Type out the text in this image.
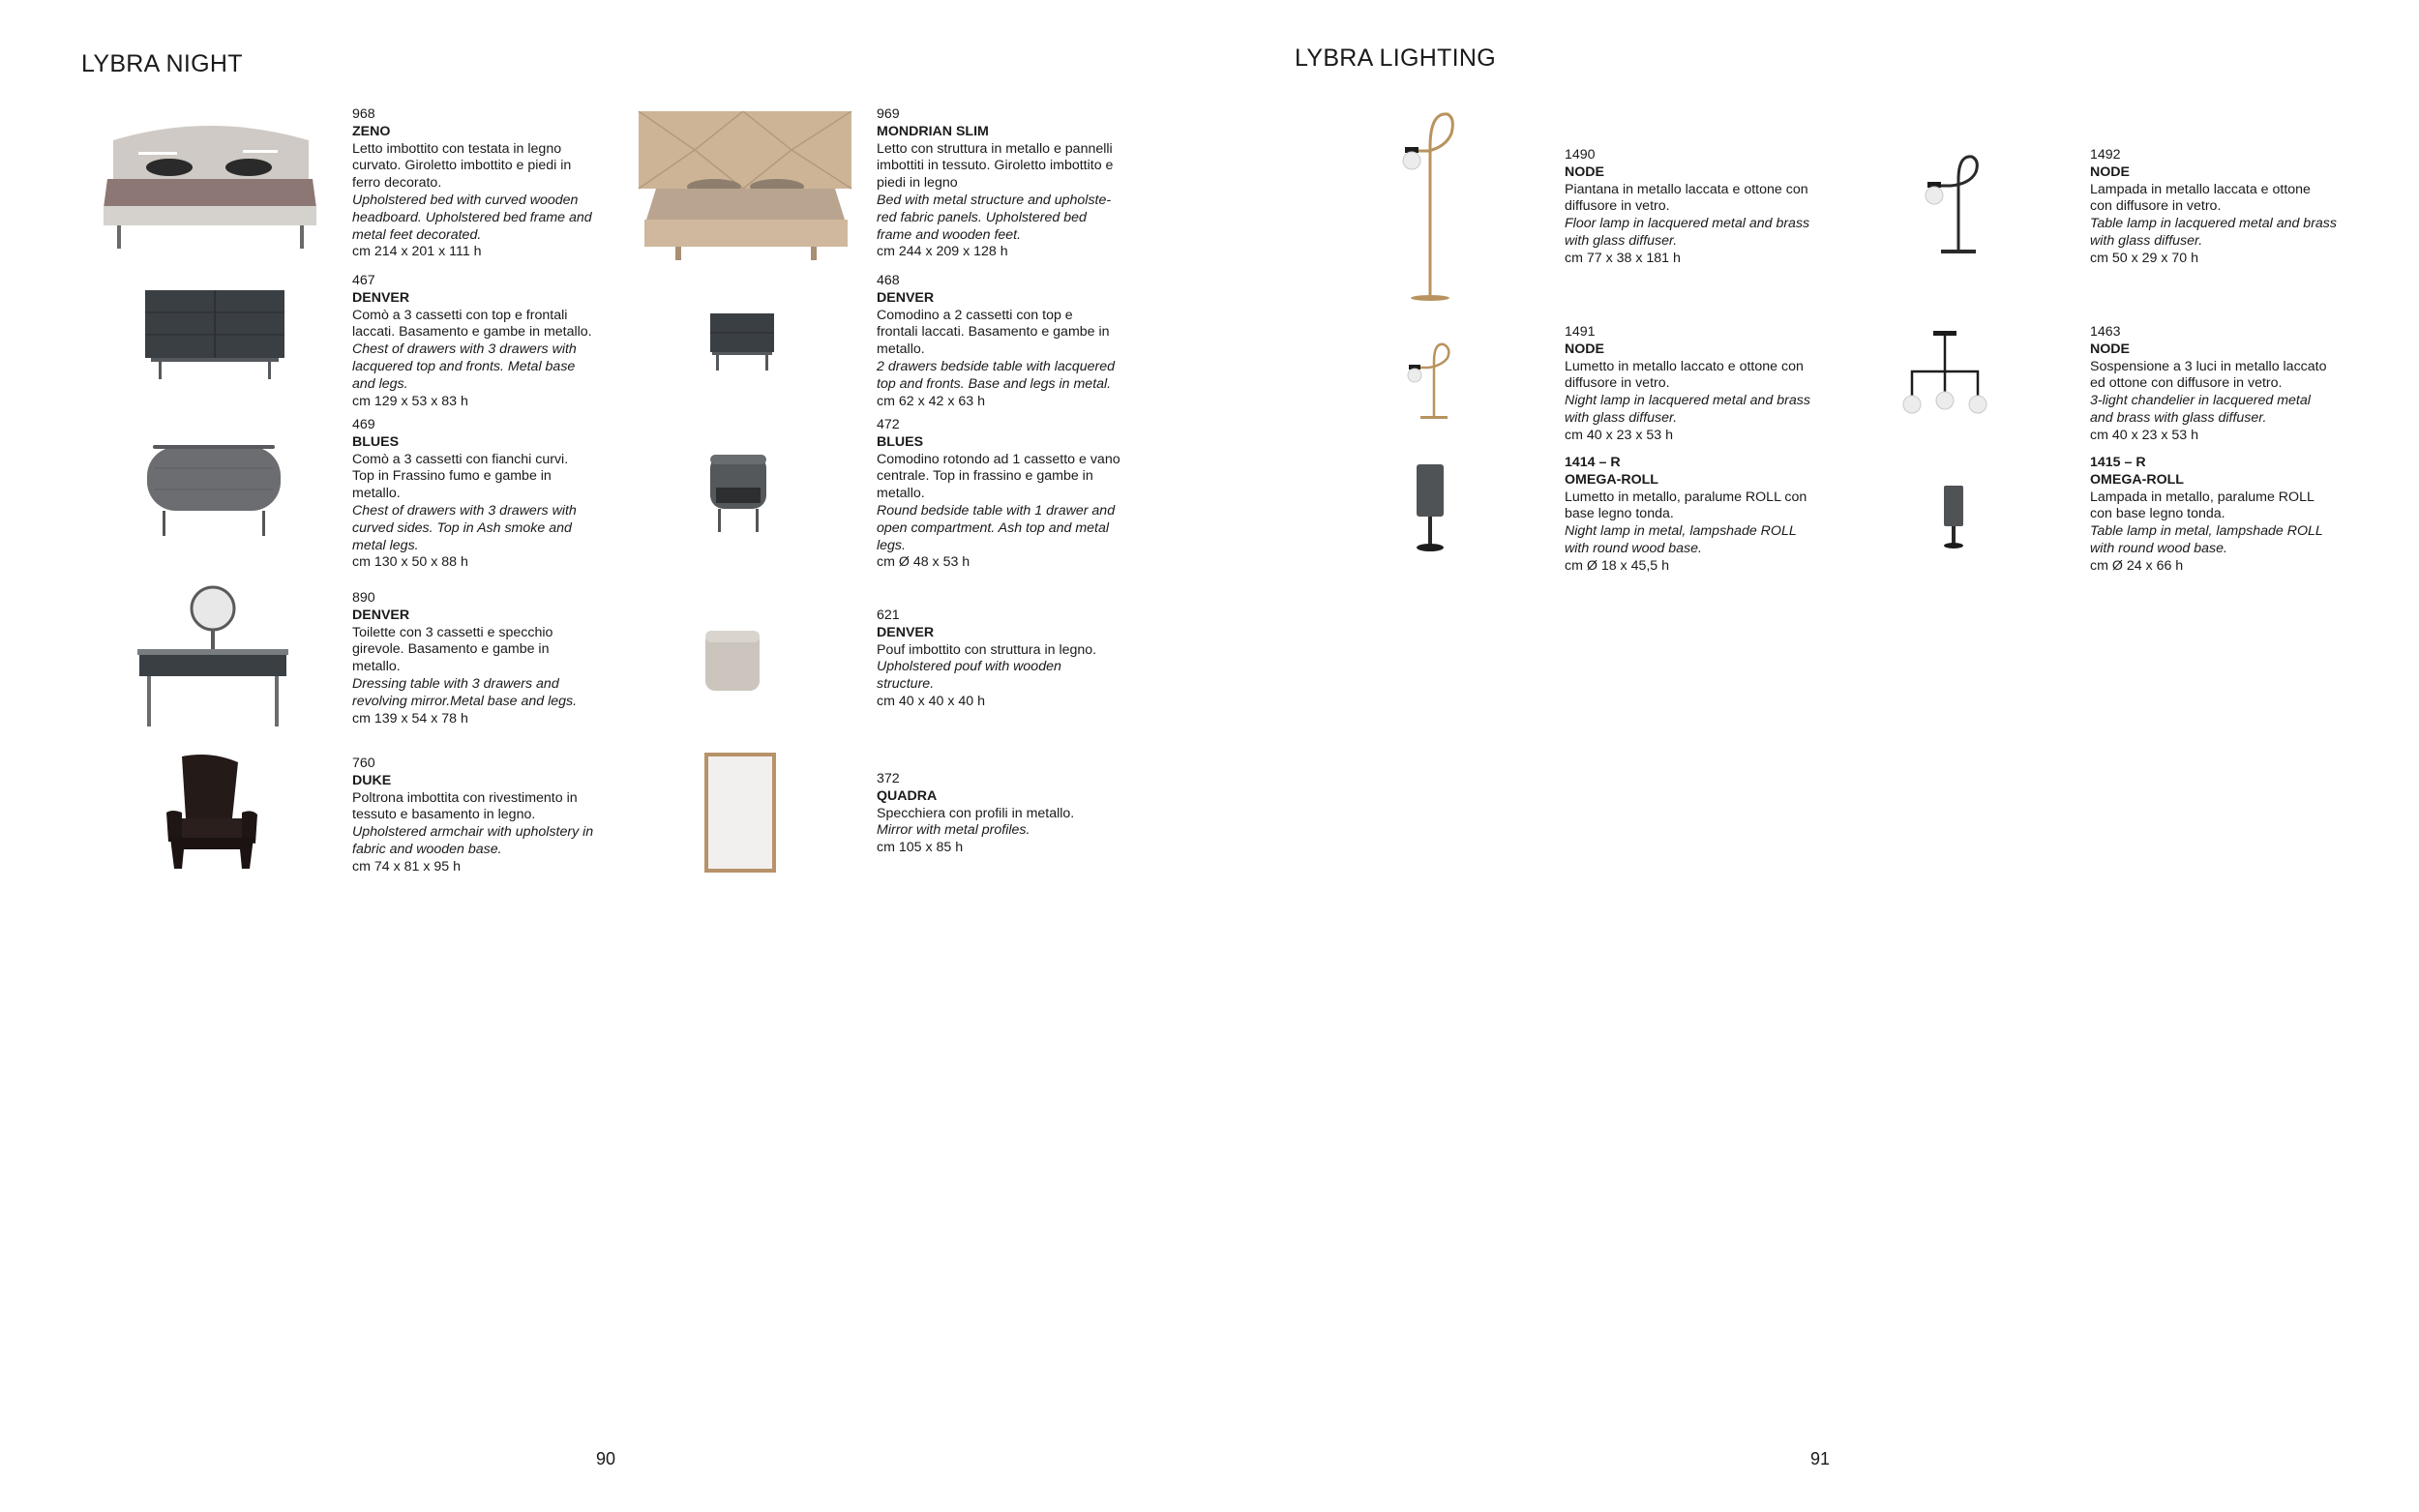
LYBRA NIGHT
968
ZENO
Letto imbottito con testata in legno
curvato. Giroletto imbottito e piedi in
ferro decorato.
Upholstered bed with curved wooden
headboard. Upholstered bed frame and
metal feet decorated.
cm 214 x 201 x 111 h
969
MONDRIAN SLIM
Letto con struttura in metallo e pannelli
imbottiti in tessuto. Giroletto imbottito e
piedi in legno
Bed with metal structure and upholste-
red fabric panels. Upholstered bed
frame and wooden feet.
cm 244 x 209 x 128 h
467
DENVER
Comò a 3 cassetti con top e frontali
laccati. Basamento e gambe in metallo.
Chest of drawers with 3 drawers with
lacquered top and fronts. Metal base
and legs.
cm 129 x 53 x 83 h
468
DENVER
Comodino a 2 cassetti con top e
frontali laccati. Basamento e gambe in
metallo.
2 drawers bedside table with lacquered
top and fronts. Base and legs in metal.
cm 62 x 42 x 63 h
469
BLUES
Comò a 3 cassetti con fianchi curvi.
Top in Frassino fumo e gambe in
metallo.
Chest of drawers with 3 drawers with
curved sides. Top in Ash smoke and
metal legs.
cm 130 x 50 x 88 h
472
BLUES
Comodino rotondo ad 1 cassetto e vano
centrale. Top in frassino e gambe in
metallo.
Round bedside table with 1 drawer and
open compartment. Ash top and metal
legs.
cm Ø 48 x 53 h
890
DENVER
Toilette con 3 cassetti e specchio
girevole. Basamento e gambe in
metallo.
Dressing table with 3 drawers and
revolving mirror.Metal base and legs.
cm 139 x 54 x 78 h
621
DENVER
Pouf imbottito con struttura in legno.
Upholstered pouf with wooden
structure.
cm 40 x 40 x 40 h
760
DUKE
Poltrona imbottita con rivestimento in
tessuto e basamento in legno.
Upholstered armchair with upholstery in
fabric and wooden base.
cm 74 x 81 x 95 h
372
QUADRA
Specchiera con profili in metallo.
Mirror with metal profiles.
cm 105 x 85 h
90
LYBRA LIGHTING
1490
NODE
Piantana in metallo laccata e ottone con
diffusore in vetro.
Floor lamp in lacquered metal and brass
with glass diffuser.
cm 77 x 38 x 181 h
1492
NODE
Lampada in metallo laccata e ottone
con diffusore in vetro.
Table lamp in lacquered metal and brass
with glass diffuser.
cm 50 x 29 x 70 h
1491
NODE
Lumetto in metallo laccato e ottone con
diffusore in vetro.
Night lamp in lacquered metal and brass
with glass diffuser.
cm 40 x 23 x 53 h
1463
NODE
Sospensione a 3 luci in metallo laccato
ed ottone con diffusore in vetro.
3-light chandelier in lacquered metal
and brass with glass diffuser.
cm 40 x 23 x 53 h
1414 – R
OMEGA-ROLL
Lumetto in metallo, paralume ROLL con
base legno tonda.
Night lamp in metal, lampshade ROLL
with round wood base.
cm Ø 18 x 45,5 h
1415 – R
OMEGA-ROLL
Lampada in metallo, paralume ROLL
con base legno tonda.
Table lamp in metal, lampshade ROLL
with round wood base.
cm Ø 24 x 66 h
91
